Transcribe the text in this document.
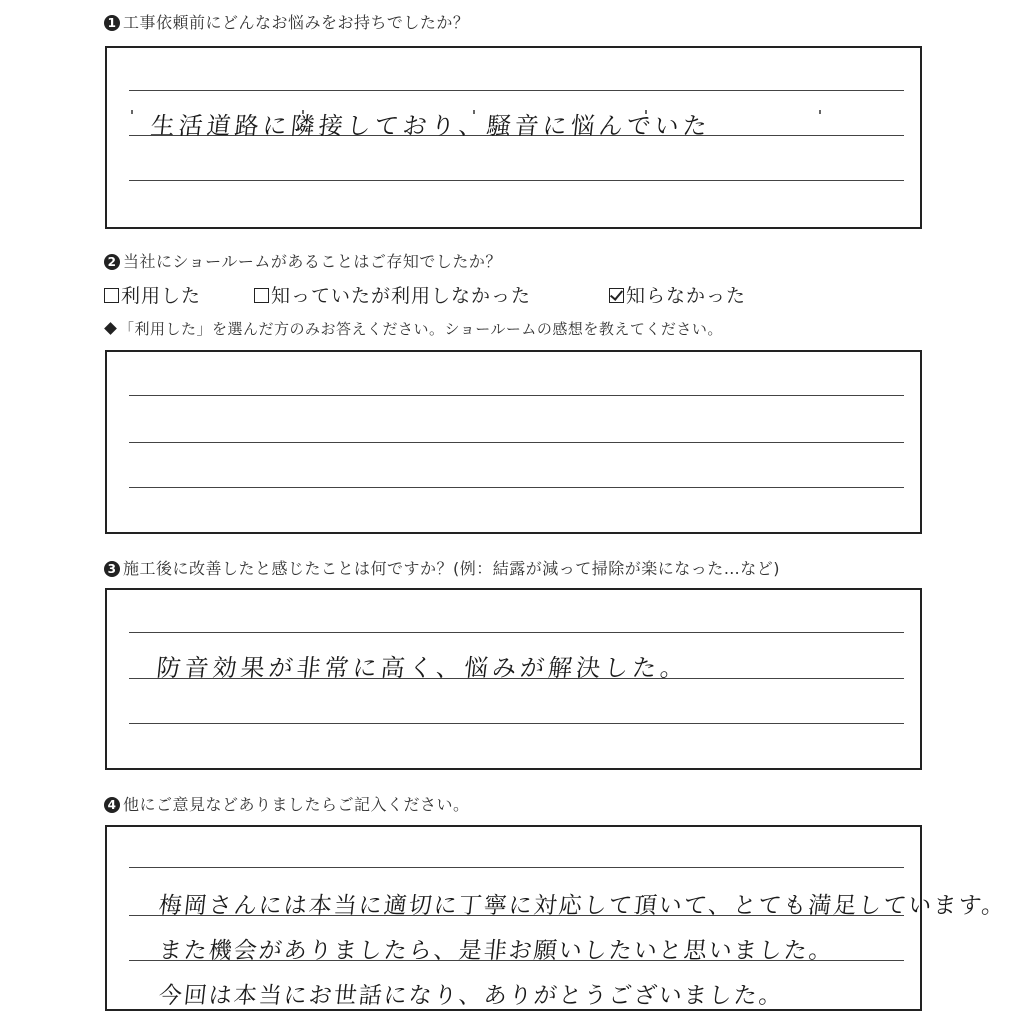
1 工事依頼前にどんなお悩みをお持ちでしたか？
生活道路に隣接しており、騒音に悩んでいた
2 当社にショールームがあることはご存知でしたか？
利用した	知っていたが利用しなかった	知らなかった
「利用した」を選んだ方のみお答えください。ショールームの感想を教えてください。
3 施工後に改善したと感じたことは何ですか？(例：結露が減って掃除が楽になった…など)
防音効果が非常に高く、悩みが解決した。
4 他にご意見などありましたらご記入ください。
梅岡さんには本当に適切に丁寧に対応して頂いて、とても満足しています。
また機会がありましたら、是非お願いしたいと思いました。
今回は本当にお世話になり、ありがとうございました。
